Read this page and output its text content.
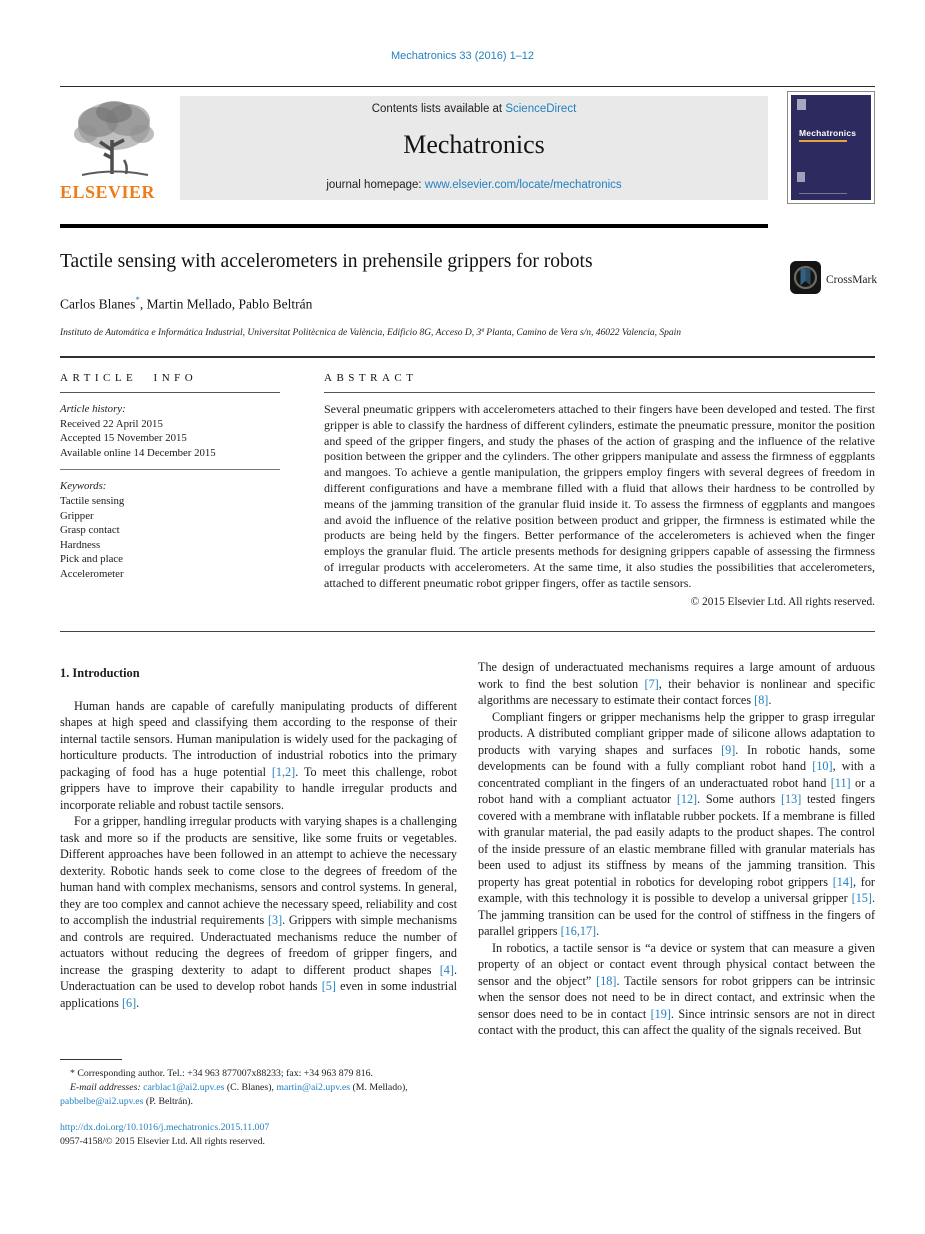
Mechatronics 33 (2016) 1–12
ELSEVIER
Contents lists available at ScienceDirect
Mechatronics
journal homepage: www.elsevier.com/locate/mechatronics
Mechatronics
Tactile sensing with accelerometers in prehensile grippers for robots
CrossMark
Carlos Blanes*, Martin Mellado, Pablo Beltrán
Instituto de Automática e Informática Industrial, Universitat Politècnica de València, Edificio 8G, Acceso D, 3ª Planta, Camino de Vera s/n, 46022 Valencia, Spain
ARTICLE INFO
Article history:
Received 22 April 2015
Accepted 15 November 2015
Available online 14 December 2015
Keywords:
Tactile sensing
Gripper
Grasp contact
Hardness
Pick and place
Accelerometer
ABSTRACT
Several pneumatic grippers with accelerometers attached to their fingers have been developed and tested. The first gripper is able to classify the hardness of different cylinders, estimate the pneumatic pressure, monitor the position and speed of the gripper fingers, and study the phases of the action of grasping and the influence of the relative position between the gripper and the cylinders. The other grippers manipulate and assess the firmness of eggplants and mangoes. To achieve a gentle manipulation, the grippers employ fingers with several degrees of freedom in different configurations and have a membrane filled with a fluid that allows their hardness to be controlled by means of the jamming transition of the granular fluid inside it. To assess the firmness of eggplants and mangoes and avoid the influence of the relative position between product and gripper, the firmness is estimated while the products are being held by the fingers. Better performance of the accelerometers is achieved when the finger employs the granular fluid. The article presents methods for designing grippers capable of assessing the firmness of irregular products with accelerometers. At the same time, it also studies the possibilities that accelerometers, attached to different pneumatic robot gripper fingers, offer as tactile sensors.
© 2015 Elsevier Ltd. All rights reserved.
1. Introduction

Human hands are capable of carefully manipulating products of different shapes at high speed and classifying them according to the response of their internal tactile sensors. Human manipulation is widely used for the packaging of horticulture products. The introduction of industrial robotics into the primary packaging of food has a huge potential [1,2]. To meet this challenge, robot grippers have to improve their capability to handle irregular products and incorporate reliable and robust tactile sensors.

For a gripper, handling irregular products with varying shapes is a challenging task and more so if the products are sensitive, like some fruits or vegetables. Different approaches have been followed in an attempt to achieve the necessary dexterity. Robotic hands seek to come close to the degrees of freedom of the human hand with complex mechanisms, sensors and control systems. In general, they are too complex and cannot achieve the necessary speed, reliability and cost to accomplish the industrial requirements [3]. Grippers with simple mechanisms and controls are required. Underactuated mechanisms reduce the number of actuators without reducing the degrees of freedom of gripper fingers, and increase the grasping dexterity to adapt to different product shapes [4]. Underactuation can be used to develop robot hands [5] even in some industrial applications [6].

The design of underactuated mechanisms requires a large amount of arduous work to find the best solution [7], their behavior is nonlinear and specific algorithms are necessary to estimate their contact forces [8].

Compliant fingers or gripper mechanisms help the gripper to grasp irregular products. A distributed compliant gripper made of silicone allows adaptation to products with varying shapes and surfaces [9]. In robotic hands, some developments can be found with a fully compliant robot hand [10], with a concentrated compliant in the fingers of an underactuated robot hand [11] or a robot hand with a compliant actuator [12]. Some authors [13] tested fingers covered with a membrane with inflatable rubber pockets. If a membrane is filled with granular material, the pad easily adapts to the product shapes. The control of the inside pressure of an elastic membrane filled with granular materials has been used to adjust its stiffness by means of the jamming transition. This property has great potential in robotics for developing robot grippers [14], for example, with this technology it is possible to develop a universal gripper [15]. The jamming transition can be used for the control of stiffness in the fingers of parallel grippers [16,17].

In robotics, a tactile sensor is “a device or system that can measure a given property of an object or contact event through physical contact between the sensor and the object” [18]. Tactile sensors for robot grippers can be intrinsic when the sensor does not need to be in direct contact, and extrinsic when the sensor does need to be in contact [19]. Since intrinsic sensors are not in direct contact with the product, this can affect the quality of the signals received. But

* Corresponding author. Tel.: +34 963 877007x88233; fax: +34 963 879 816.
E-mail addresses: carblac1@ai2.upv.es (C. Blanes), martin@ai2.upv.es (M. Mellado), pabbelbe@ai2.upv.es (P. Beltrán).
http://dx.doi.org/10.1016/j.mechatronics.2015.11.007
0957-4158/© 2015 Elsevier Ltd. All rights reserved.
